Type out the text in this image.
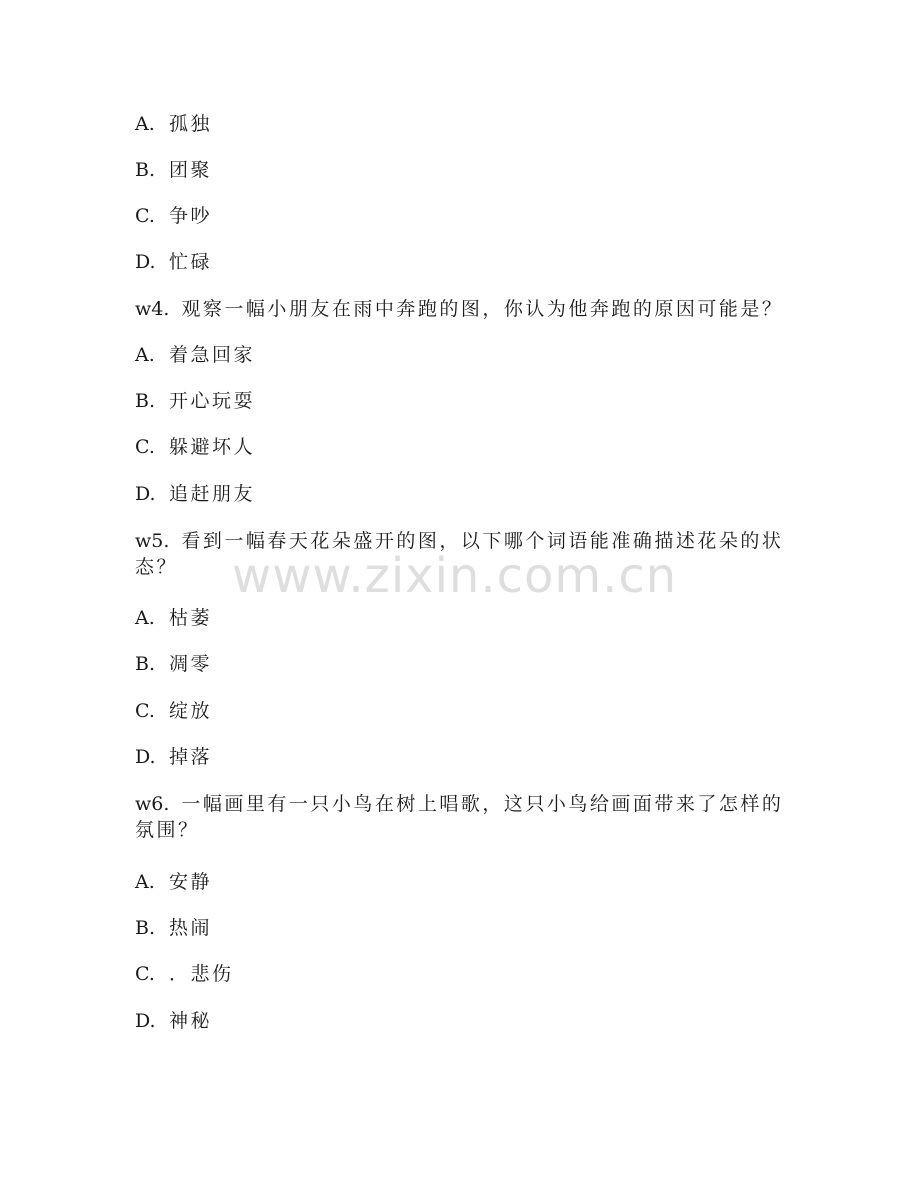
A. 孤独
B. 团聚
C. 争吵
D. 忙碌
w4. 观察一幅小朋友在雨中奔跑的图，你认为他奔跑的原因可能是？
A. 着急回家
B. 开心玩耍
C. 躲避坏人
D. 追赶朋友
w5. 看到一幅春天花朵盛开的图，以下哪个词语能准确描述花朵的状态？
A. 枯萎
B. 凋零
C. 绽放
D. 掉落
w6. 一幅画里有一只小鸟在树上唱歌，这只小鸟给画面带来了怎样的氛围？
A. 安静
B. 热闹
C. ．悲伤
D. 神秘
www.zixin.com.cn
